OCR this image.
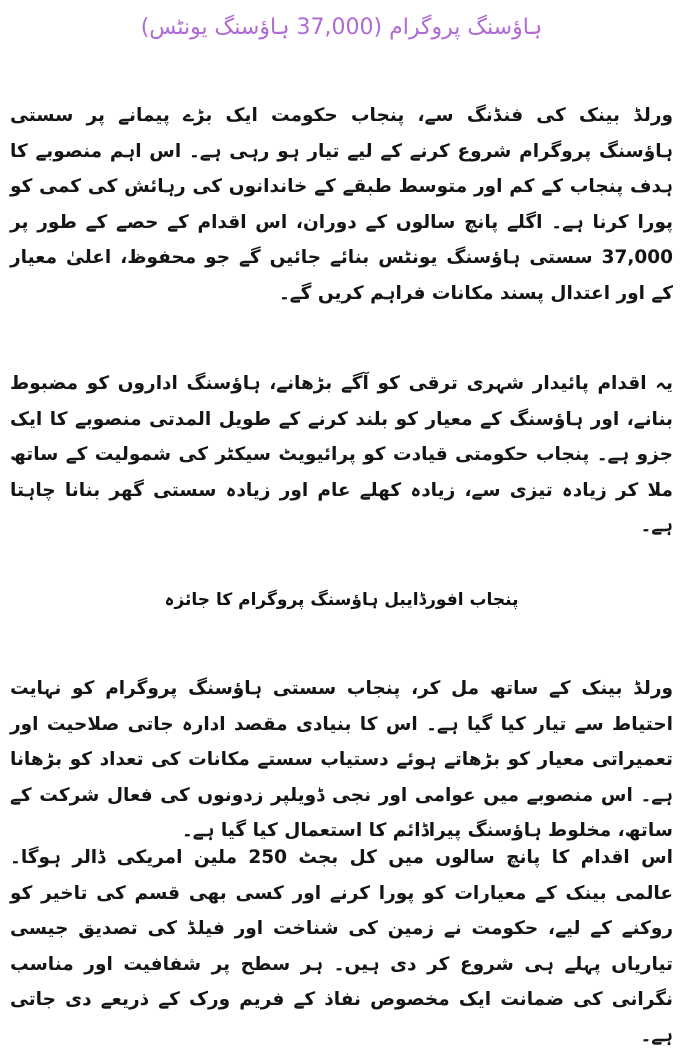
ہاؤسنگ پروگرام (37,000 ہاؤسنگ یونٹس)

ورلڈ بینک کی فنڈنگ سے، پنجاب حکومت ایک بڑے پیمانے پر سستی ہاؤسنگ پروگرام شروع کرنے کے لیے تیار ہو رہی ہے۔ اس اہم منصوبے کا ہدف پنجاب کے کم اور متوسط طبقے کے خاندانوں کی رہائش کی کمی کو پورا کرنا ہے۔ اگلے پانچ سالوں کے دوران، اس اقدام کے حصے کے طور پر 37,000 سستی ہاؤسنگ یونٹس بنائے جائیں گے جو محفوظ، اعلیٰ معیار کے اور اعتدال پسند مکانات فراہم کریں گے۔

یہ اقدام پائیدار شہری ترقی کو آگے بڑھانے، ہاؤسنگ اداروں کو مضبوط بنانے، اور ہاؤسنگ کے معیار کو بلند کرنے کے طویل المدتی منصوبے کا ایک جزو ہے۔ پنجاب حکومتی قیادت کو پرائیویٹ سیکٹر کی شمولیت کے ساتھ ملا کر زیادہ تیزی سے، زیادہ کھلے عام اور زیادہ سستی گھر بنانا چاہتا ہے۔

پنجاب افورڈایبل ہاؤسنگ پروگرام کا جائزہ

ورلڈ بینک کے ساتھ مل کر، پنجاب سستی ہاؤسنگ پروگرام کو نہایت احتیاط سے تیار کیا گیا ہے۔ اس کا بنیادی مقصد ادارہ جاتی صلاحیت اور تعمیراتی معیار کو بڑھاتے ہوئے دستیاب سستے مکانات کی تعداد کو بڑھانا ہے۔ اس منصوبے میں عوامی اور نجی ڈویلپر زدونوں کی فعال شرکت کے ساتھ، مخلوط ہاؤسنگ پیراڈائم کا استعمال کیا گیا ہے۔

اس اقدام کا پانچ سالوں میں کل بجٹ 250 ملین امریکی ڈالر ہوگا۔ عالمی بینک کے معیارات کو پورا کرنے اور کسی بھی قسم کی تاخیر کو روکنے کے لیے، حکومت نے زمین کی شناخت اور فیلڈ کی تصدیق جیسی تیاریاں پہلے ہی شروع کر دی ہیں۔ ہر سطح پر شفافیت اور مناسب نگرانی کی ضمانت ایک مخصوص نفاذ کے فریم ورک کے ذریعے دی جاتی ہے۔
